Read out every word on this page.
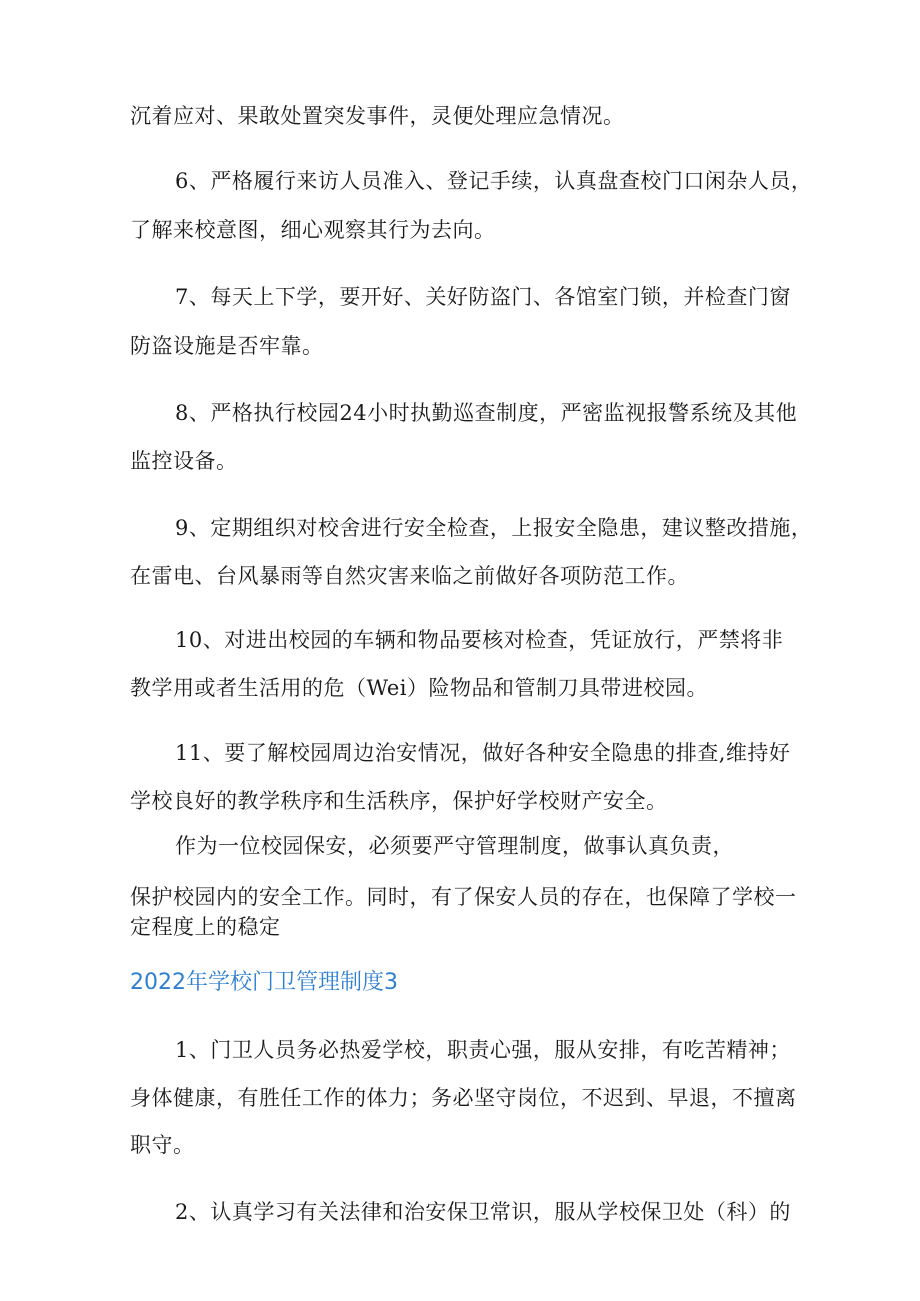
沉着应对、果敢处置突发事件，灵便处理应急情况。
6、严格履行来访人员准入、登记手续，认真盘查校门口闲杂人员，
了解来校意图，细心观察其行为去向。
7、每天上下学，要开好、关好防盗门、各馆室门锁，并检查门窗
防盗设施是否牢靠。
8、严格执行校园24小时执勤巡查制度，严密监视报警系统及其他
监控设备。
9、定期组织对校舍进行安全检查，上报安全隐患，建议整改措施，
在雷电、台风暴雨等自然灾害来临之前做好各项防范工作。
10、对进出校园的车辆和物品要核对检查，凭证放行，严禁将非
教学用或者生活用的危（Wei）险物品和管制刀具带进校园。
11、要了解校园周边治安情况，做好各种安全隐患的排查,维持好
学校良好的教学秩序和生活秩序，保护好学校财产安全。
作为一位校园保安，必须要严守管理制度，做事认真负责，
保护校园内的安全工作。同时，有了保安人员的存在，也保障了学校一
定程度上的稳定
2022年学校门卫管理制度3
1、门卫人员务必热爱学校，职责心强，服从安排，有吃苦精神；
身体健康，有胜任工作的体力；务必坚守岗位，不迟到、早退，不擅离
职守。
2、认真学习有关法律和治安保卫常识，服从学校保卫处（科）的
